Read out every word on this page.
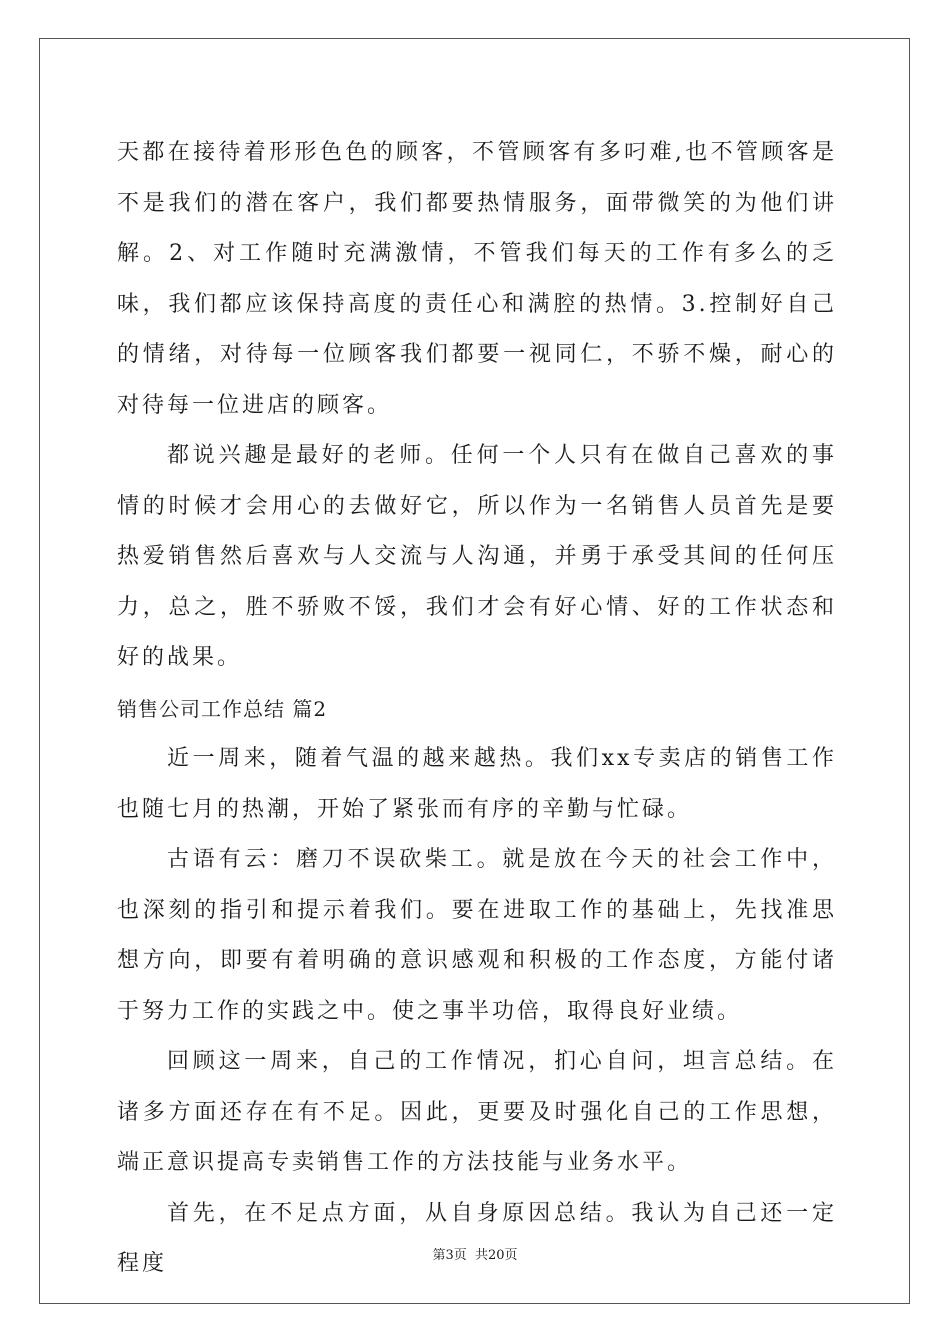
天都在接待着形形色色的顾客，不管顾客有多叼难,也不管顾客是不是我们的潜在客户，我们都要热情服务，面带微笑的为他们讲解。2、对工作随时充满激情，不管我们每天的工作有多么的乏味，我们都应该保持高度的责任心和满腔的热情。3.控制好自己的情绪，对待每一位顾客我们都要一视同仁，不骄不燥，耐心的对待每一位进店的顾客。

都说兴趣是最好的老师。任何一个人只有在做自己喜欢的事情的时候才会用心的去做好它，所以作为一名销售人员首先是要热爱销售然后喜欢与人交流与人沟通，并勇于承受其间的任何压力，总之，胜不骄败不馁，我们才会有好心情、好的工作状态和好的战果。

销售公司工作总结 篇2

近一周来，随着气温的越来越热。我们xx专卖店的销售工作也随七月的热潮，开始了紧张而有序的辛勤与忙碌。

古语有云：磨刀不误砍柴工。就是放在今天的社会工作中，也深刻的指引和提示着我们。要在进取工作的基础上，先找准思想方向，即要有着明确的意识感观和积极的工作态度，方能付诸于努力工作的实践之中。使之事半功倍，取得良好业绩。

回顾这一周来，自己的工作情况，扪心自问，坦言总结。在诸多方面还存在有不足。因此，更要及时强化自己的工作思想，端正意识提高专卖销售工作的方法技能与业务水平。

首先，在不足点方面，从自身原因总结。我认为自己还一定程度	第3页 共20页
